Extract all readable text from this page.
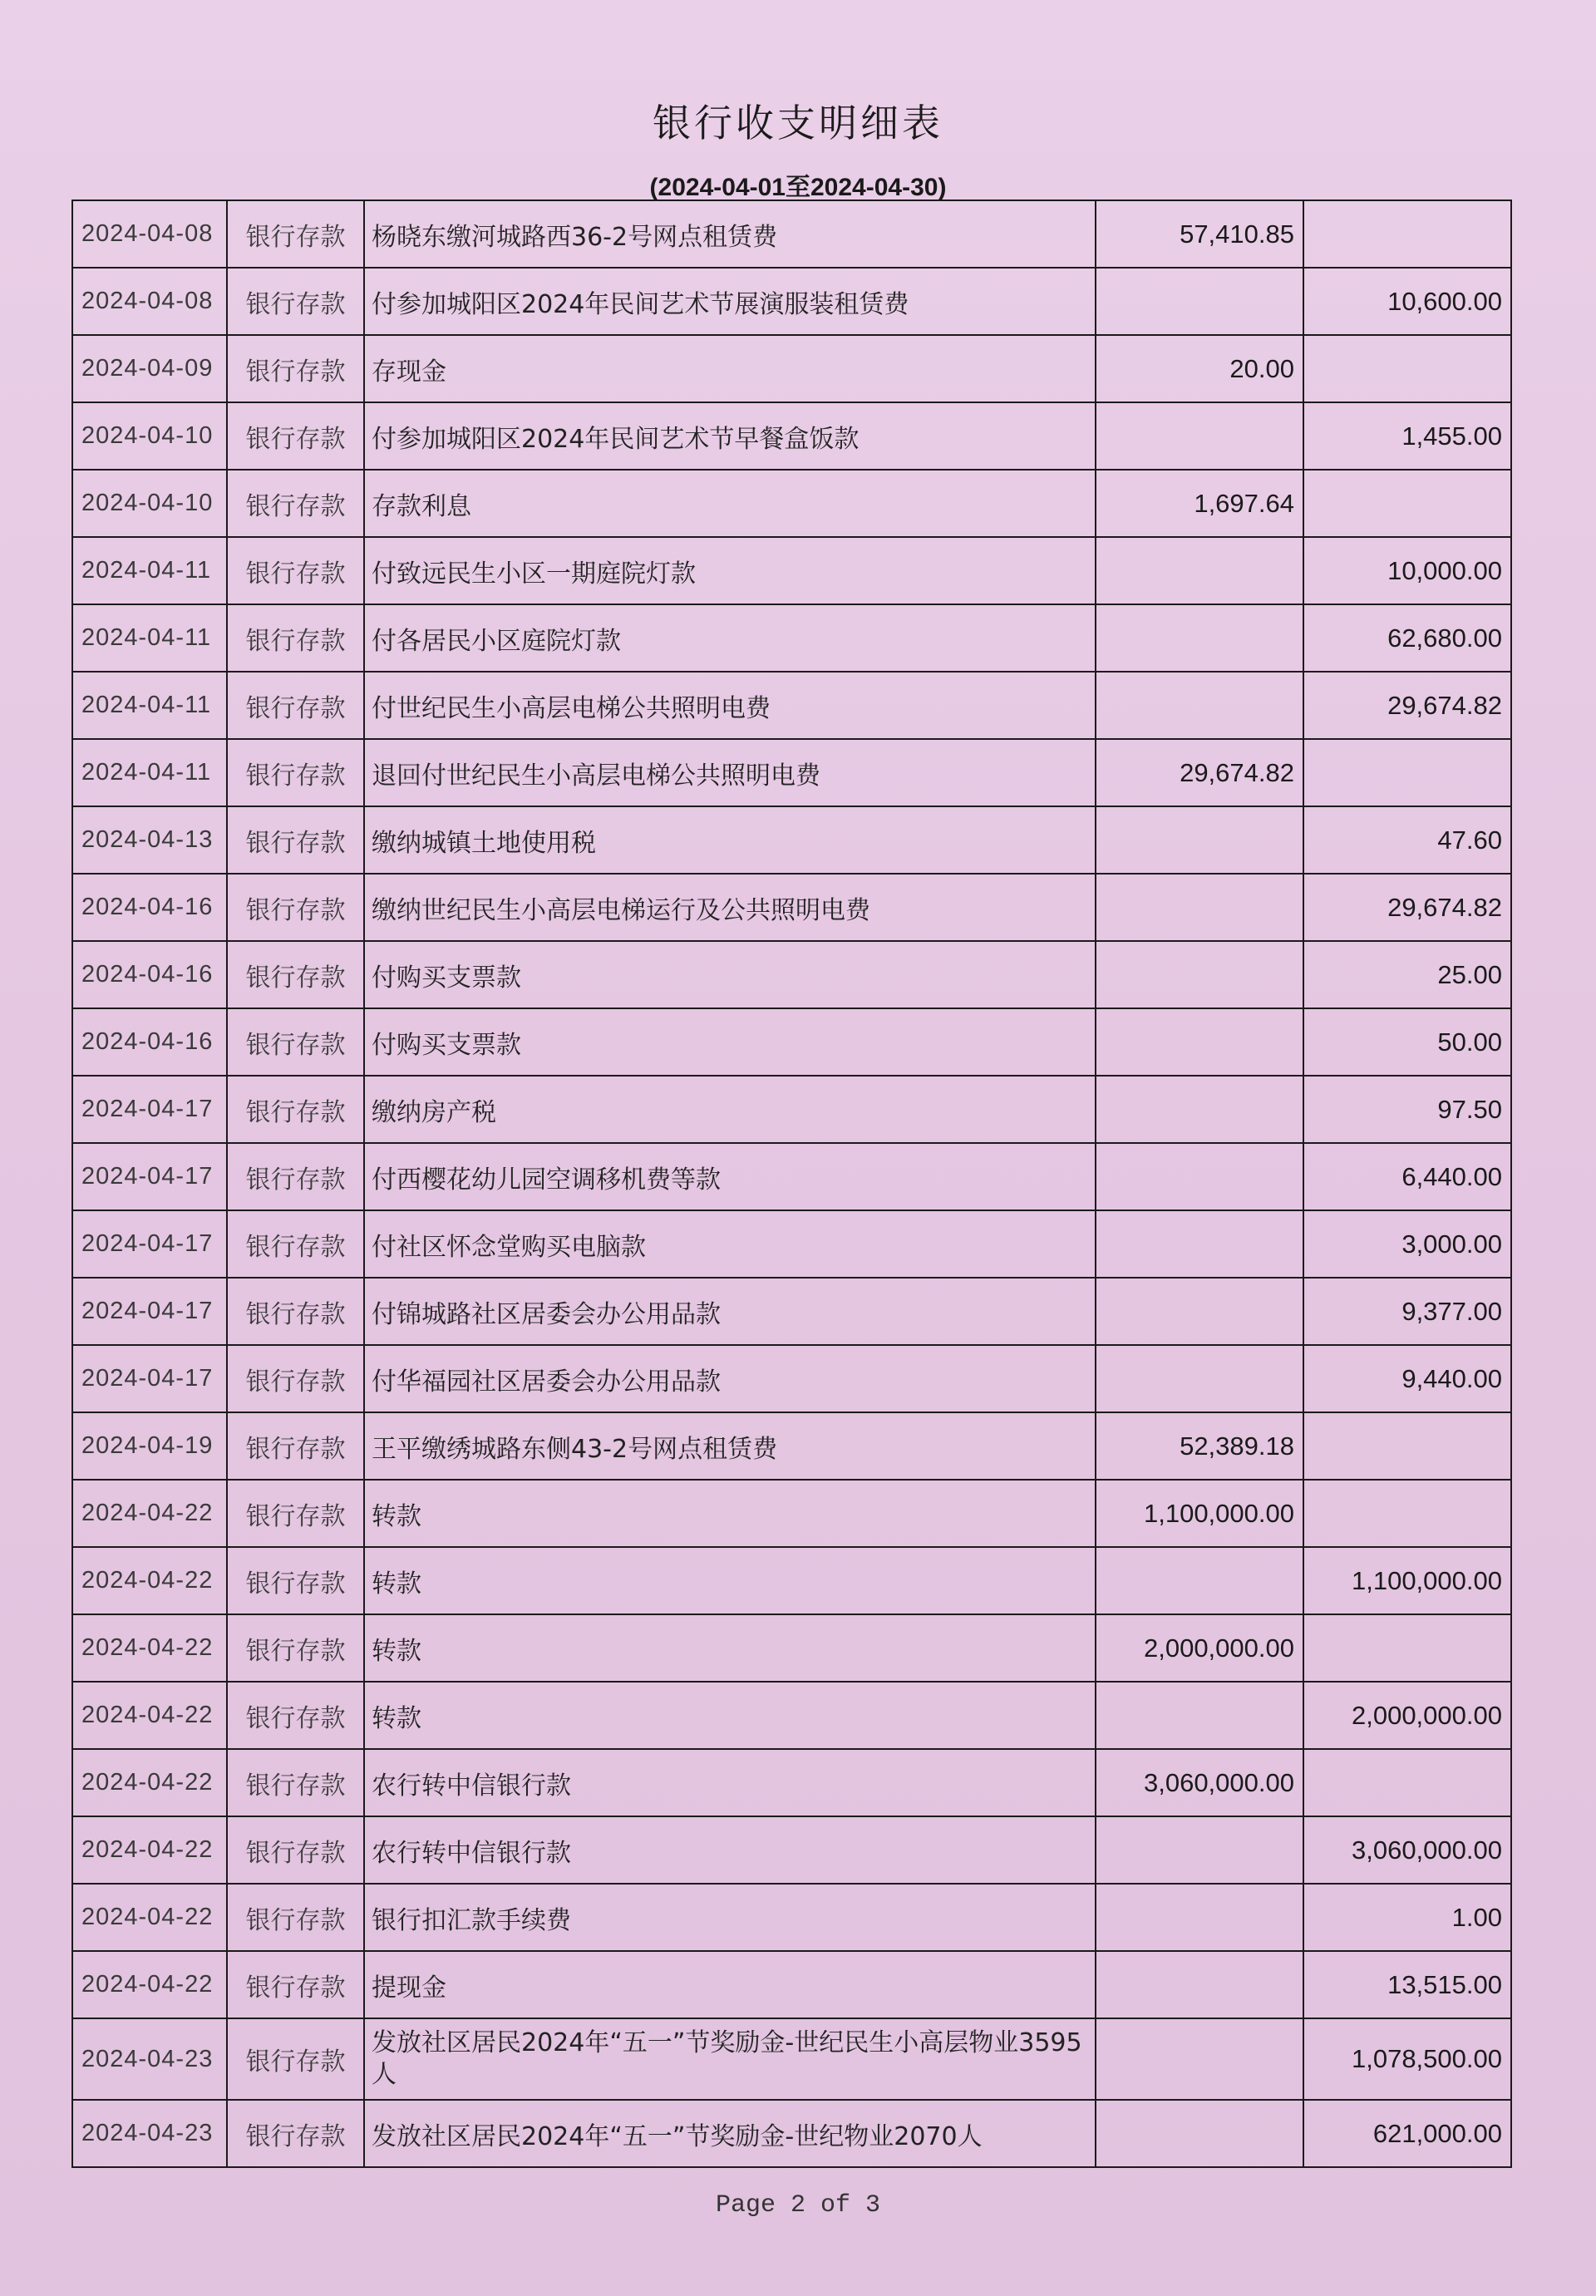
银行收支明细表
(2024-04-01至2024-04-30)
2024-04-08	银行存款	杨晓东缴河城路西36-2号网点租赁费	57,410.85	
2024-04-08	银行存款	付参加城阳区2024年民间艺术节展演服装租赁费		10,600.00
2024-04-09	银行存款	存现金	20.00	
2024-04-10	银行存款	付参加城阳区2024年民间艺术节早餐盒饭款		1,455.00
2024-04-10	银行存款	存款利息	1,697.64	
2024-04-11	银行存款	付致远民生小区一期庭院灯款		10,000.00
2024-04-11	银行存款	付各居民小区庭院灯款		62,680.00
2024-04-11	银行存款	付世纪民生小高层电梯公共照明电费		29,674.82
2024-04-11	银行存款	退回付世纪民生小高层电梯公共照明电费	29,674.82	
2024-04-13	银行存款	缴纳城镇土地使用税		47.60
2024-04-16	银行存款	缴纳世纪民生小高层电梯运行及公共照明电费		29,674.82
2024-04-16	银行存款	付购买支票款		25.00
2024-04-16	银行存款	付购买支票款		50.00
2024-04-17	银行存款	缴纳房产税		97.50
2024-04-17	银行存款	付西樱花幼儿园空调移机费等款		6,440.00
2024-04-17	银行存款	付社区怀念堂购买电脑款		3,000.00
2024-04-17	银行存款	付锦城路社区居委会办公用品款		9,377.00
2024-04-17	银行存款	付华福园社区居委会办公用品款		9,440.00
2024-04-19	银行存款	王平缴绣城路东侧43-2号网点租赁费	52,389.18	
2024-04-22	银行存款	转款	1,100,000.00	
2024-04-22	银行存款	转款		1,100,000.00
2024-04-22	银行存款	转款	2,000,000.00	
2024-04-22	银行存款	转款		2,000,000.00
2024-04-22	银行存款	农行转中信银行款	3,060,000.00	
2024-04-22	银行存款	农行转中信银行款		3,060,000.00
2024-04-22	银行存款	银行扣汇款手续费		1.00
2024-04-22	银行存款	提现金		13,515.00
2024-04-23	银行存款	发放社区居民2024年“五一”节奖励金-世纪民生小高层物业3595人		1,078,500.00
2024-04-23	银行存款	发放社区居民2024年“五一”节奖励金-世纪物业2070人		621,000.00
Page 2 of 3
